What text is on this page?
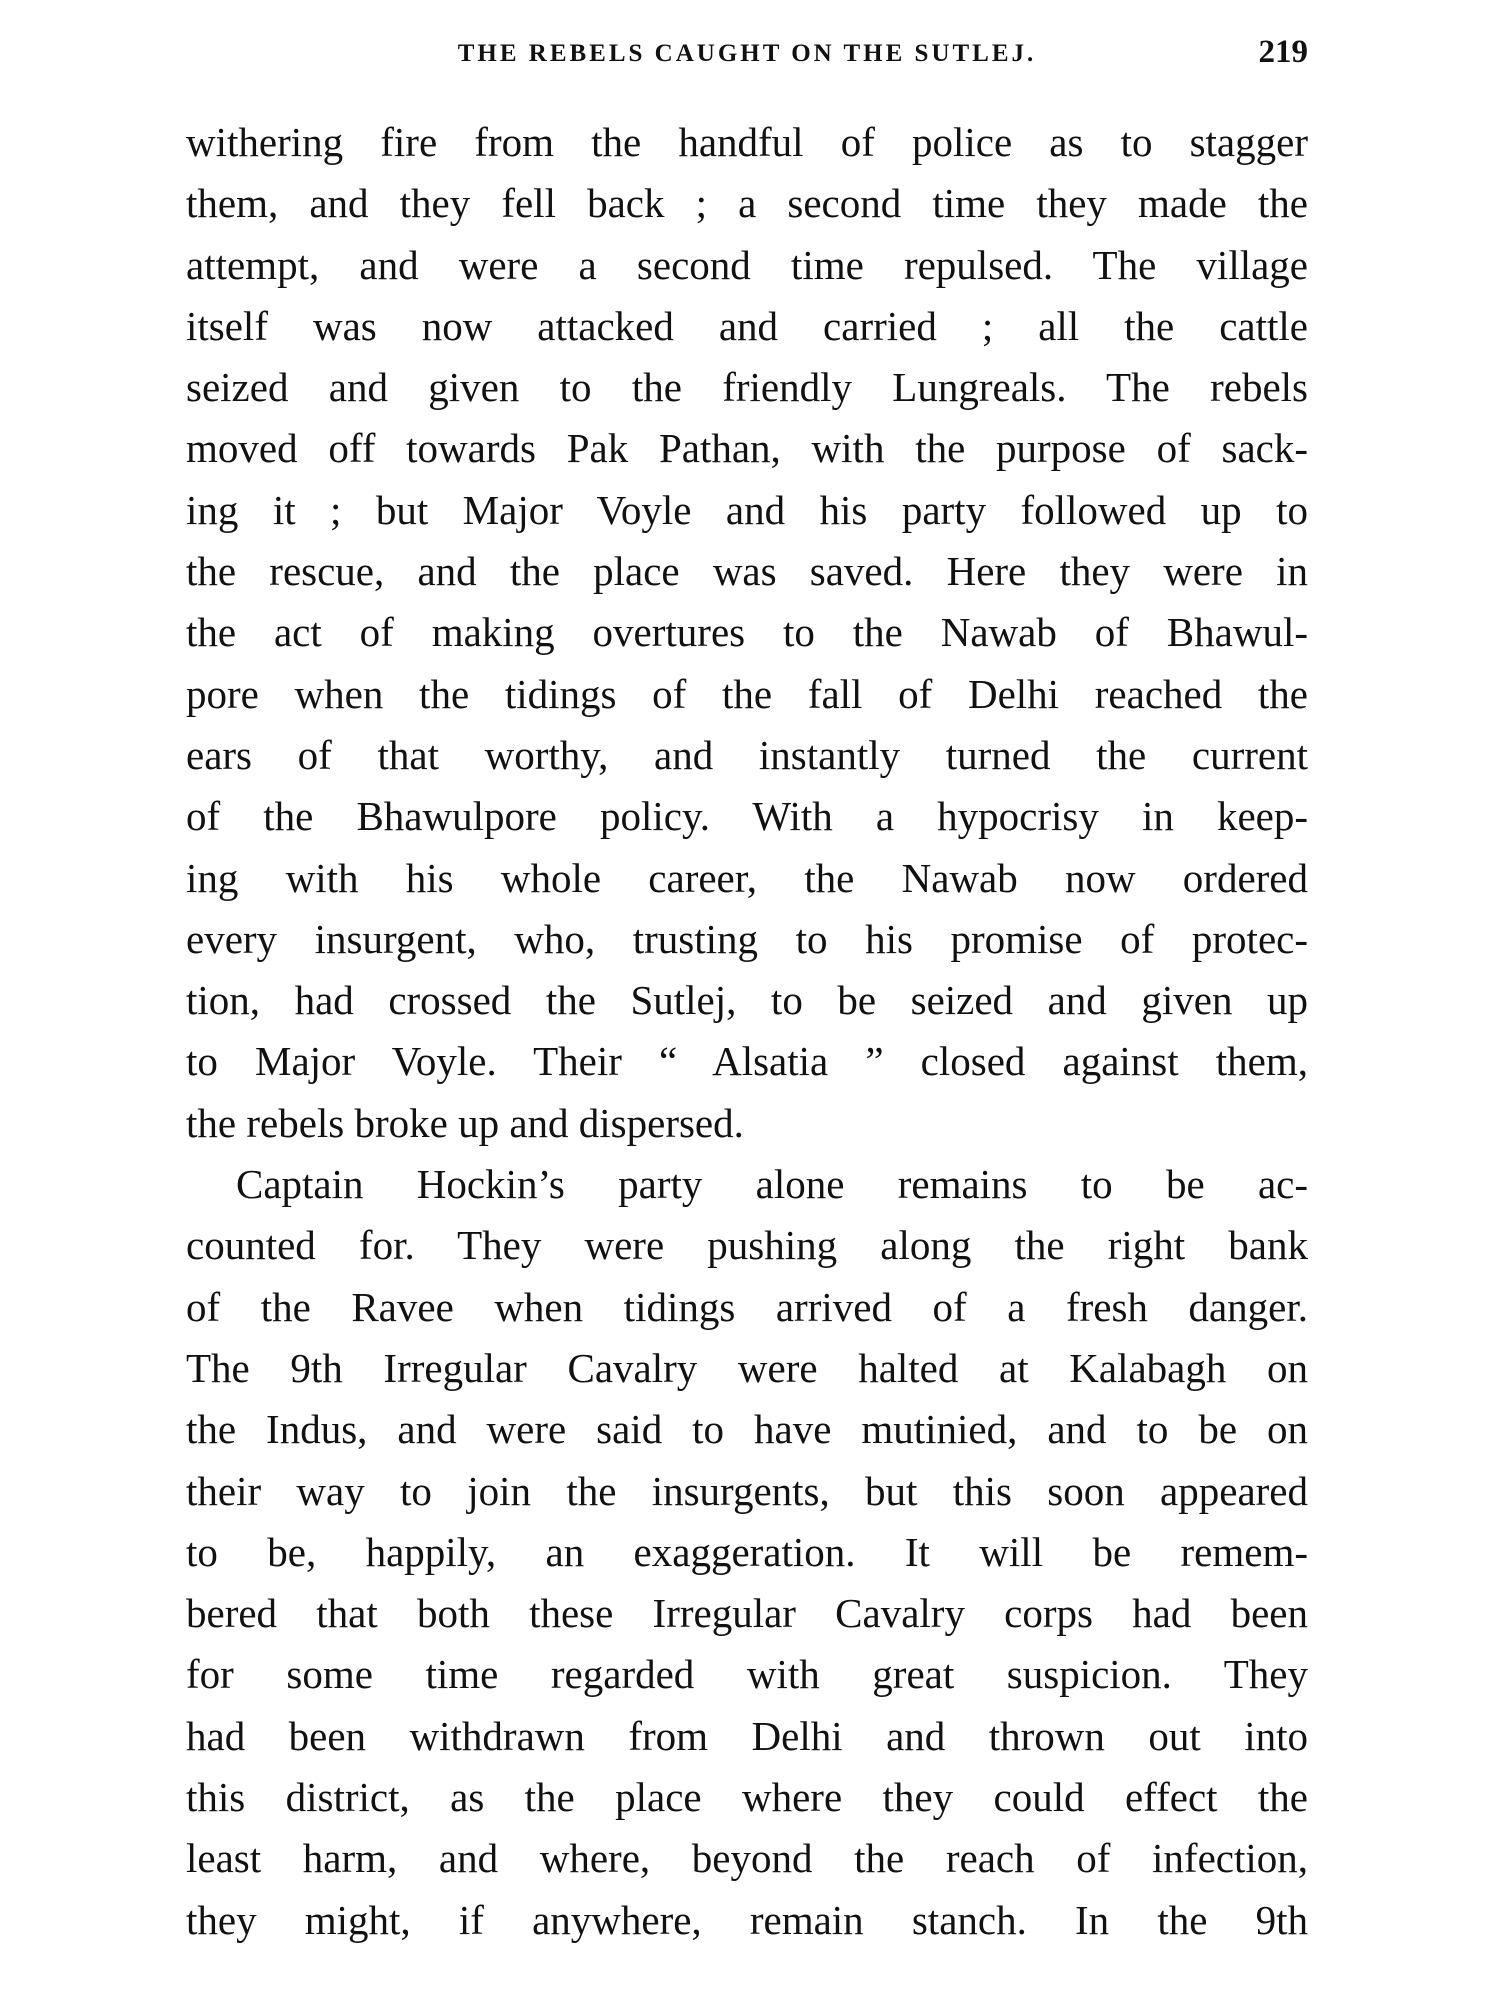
THE REBELS CAUGHT ON THE SUTLEJ.	219
withering fire from the handful of police as to stagger
them, and they fell back ; a second time they made the
attempt, and were a second time repulsed. The village
itself was now attacked and carried ; all the cattle
seized and given to the friendly Lungreals. The rebels
moved off towards Pak Pathan, with the purpose of sack-
ing it ; but Major Voyle and his party followed up to
the rescue, and the place was saved. Here they were in
the act of making overtures to the Nawab of Bhawul-
pore when the tidings of the fall of Delhi reached the
ears of that worthy, and instantly turned the current
of the Bhawulpore policy. With a hypocrisy in keep-
ing with his whole career, the Nawab now ordered
every insurgent, who, trusting to his promise of protec-
tion, had crossed the Sutlej, to be seized and given up
to Major Voyle. Their “ Alsatia ” closed against them,
the rebels broke up and dispersed.
Captain Hockin’s party alone remains to be ac-
counted for. They were pushing along the right bank
of the Ravee when tidings arrived of a fresh danger.
The 9th Irregular Cavalry were halted at Kalabagh on
the Indus, and were said to have mutinied, and to be on
their way to join the insurgents, but this soon appeared
to be, happily, an exaggeration. It will be remem-
bered that both these Irregular Cavalry corps had been
for some time regarded with great suspicion. They
had been withdrawn from Delhi and thrown out into
this district, as the place where they could effect the
least harm, and where, beyond the reach of infection,
they might, if anywhere, remain stanch. In the 9th
